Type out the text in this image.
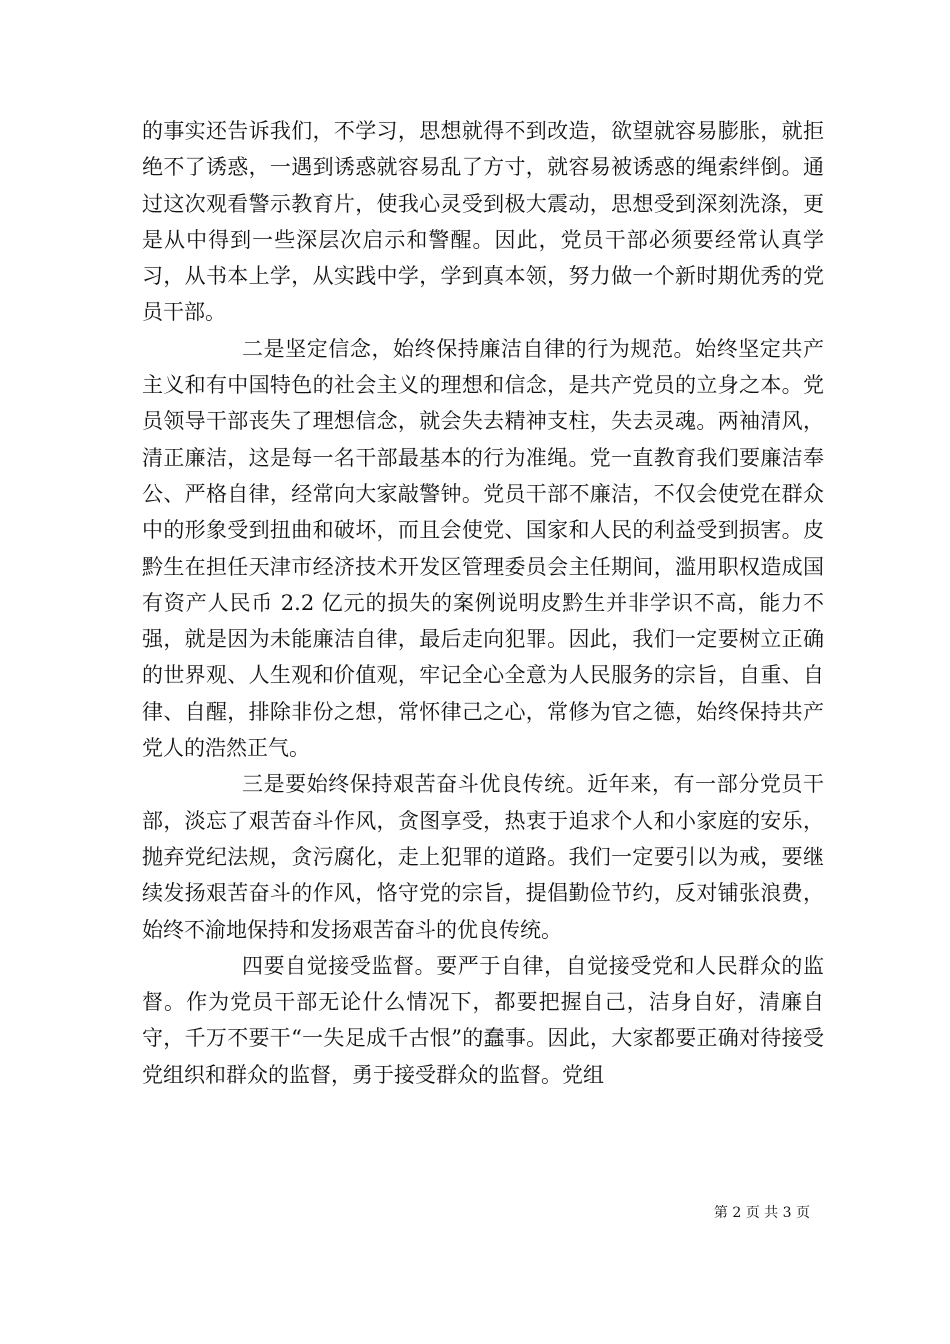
的事实还告诉我们，不学习，思想就得不到改造，欲望就容易膨胀，就拒绝不了诱惑，一遇到诱惑就容易乱了方寸，就容易被诱惑的绳索绊倒。通过这次观看警示教育片，使我心灵受到极大震动，思想受到深刻洗涤，更是从中得到一些深层次启示和警醒。因此，党员干部必须要经常认真学习，从书本上学，从实践中学，学到真本领，努力做一个新时期优秀的党员干部。

二是坚定信念，始终保持廉洁自律的行为规范。始终坚定共产主义和有中国特色的社会主义的理想和信念，是共产党员的立身之本。党员领导干部丧失了理想信念，就会失去精神支柱，失去灵魂。两袖清风，清正廉洁，这是每一名干部最基本的行为准绳。党一直教育我们要廉洁奉公、严格自律，经常向大家敲警钟。党员干部不廉洁，不仅会使党在群众中的形象受到扭曲和破坏，而且会使党、国家和人民的利益受到损害。皮黔生在担任天津市经济技术开发区管理委员会主任期间，滥用职权造成国有资产人民币 2.2 亿元的损失的案例说明皮黔生并非学识不高，能力不强，就是因为未能廉洁自律，最后走向犯罪。因此，我们一定要树立正确的世界观、人生观和价值观，牢记全心全意为人民服务的宗旨，自重、自律、自醒，排除非份之想，常怀律己之心，常修为官之德，始终保持共产党人的浩然正气。

三是要始终保持艰苦奋斗优良传统。近年来，有一部分党员干部，淡忘了艰苦奋斗作风，贪图享受，热衷于追求个人和小家庭的安乐，抛弃党纪法规，贪污腐化，走上犯罪的道路。我们一定要引以为戒，要继续发扬艰苦奋斗的作风，恪守党的宗旨，提倡勤俭节约，反对铺张浪费，始终不渝地保持和发扬艰苦奋斗的优良传统。

四要自觉接受监督。要严于自律，自觉接受党和人民群众的监督。作为党员干部无论什么情况下，都要把握自己，洁身自好，清廉自守，千万不要干“一失足成千古恨”的蠢事。因此，大家都要正确对待接受党组织和群众的监督，勇于接受群众的监督。党组

第 2 页 共 3 页
